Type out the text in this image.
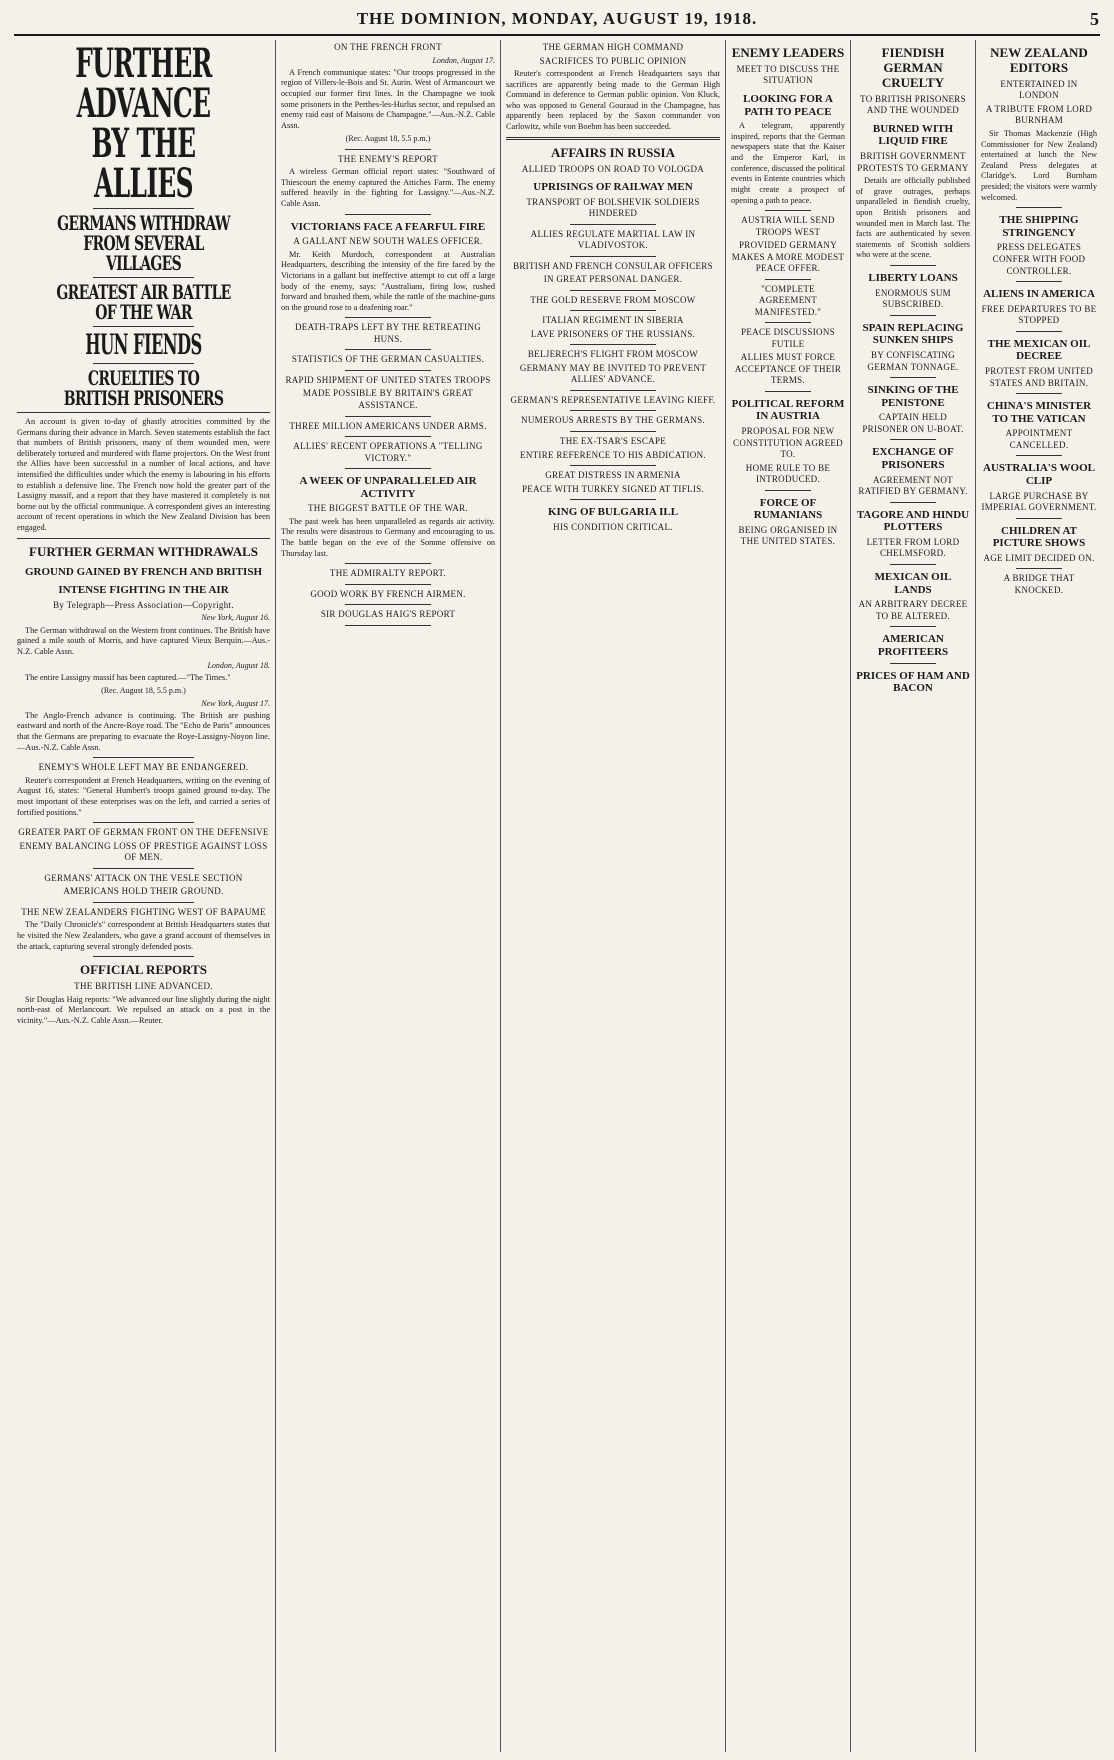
THE DOMINION, MONDAY, AUGUST 19, 1918.	5
FURTHER ADVANCE BY THE ALLIES
GERMANS WITHDRAW FROM SEVERAL VILLAGES
GREATEST AIR BATTLE OF THE WAR
HUN FIENDS
CRUELTIES TO BRITISH PRISONERS

An account is given to-day of ghastly atrocities committed by the Germans during their advance in March. Seven statements establish the fact that numbers of British prisoners, many of them wounded men, were deliberately tortured and murdered with flame projectors. On the West front the Allies have been successful in a number of local actions, and have intensified the difficulties under which the enemy is labouring in his efforts to establish a defensive line. The French now hold the greater part of the Lassigny massif, and a report that they have mastered it completely is not borne out by the official communique. A correspondent gives an interesting account of recent operations in which the New Zealand Division has been engaged.

FURTHER GERMAN WITHDRAWALS
GROUND GAINED BY FRENCH AND BRITISH
INTENSE FIGHTING IN THE AIR
By Telegraph—Press Association—Copyright.
New York, August 16.

The German withdrawal on the Western front continues. The British have gained a mile south of Morris, and have captured Vieux Berquin.—Aus.-N.Z. Cable Assn.

London, August 18.

The entire Lassigny massif has been captured.—"The Times."

(Rec. August 18, 5.5 p.m.)
New York, August 17.

The Anglo-French advance is continuing. The British are pushing eastward and north of the Ancre-Roye road. The "Echo de Paris" announces that the Germans are preparing to evacuate the Roye-Lassigny-Noyon line.—Aus.-N.Z. Cable Assn.

ENEMY'S WHOLE LEFT MAY BE ENDANGERED.

Reuter's correspondent at French Headquarters, writing on the evening of August 16, states: "General Humbert's troops gained ground to-day. The most important of these enterprises was on the left, and carried a series of fortified positions."

GREATER PART OF GERMAN FRONT ON THE DEFENSIVE
ENEMY BALANCING LOSS OF PRESTIGE AGAINST LOSS OF MEN.
GERMANS' ATTACK ON THE VESLE SECTION
AMERICANS HOLD THEIR GROUND.
THE NEW ZEALANDERS FIGHTING WEST OF BAPAUME

The "Daily Chronicle's" correspondent at British Headquarters states that he visited the New Zealanders, who gave a grand account of themselves in the attack, capturing several strongly defended posts.

OFFICIAL REPORTS
THE BRITISH LINE ADVANCED.

Sir Douglas Haig reports: "We advanced our line slightly during the night north-east of Merlancourt. We repulsed an attack on a post in the vicinity."—Aus.-N.Z. Cable Assn.—Reuter.

ON THE FRENCH FRONT
London, August 17.

A French communique states: "Our troops progressed in the region of Villers-le-Bois and St. Aurin. West of Armancourt we occupied our former first lines. In the Champagne we took some prisoners in the Perthes-les-Hurlus sector, and repulsed an enemy raid east of Maisons de Champagne."—Aus.-N.Z. Cable Assn.

(Rec. August 18, 5.5 p.m.)
THE ENEMY'S REPORT

A wireless German official report states: "Southward of Thiescourt the enemy captured the Attiches Farm. The enemy suffered heavily in the fighting for Lassigny."—Aus.-N.Z. Cable Assn.

VICTORIANS FACE A FEARFUL FIRE
A GALLANT NEW SOUTH WALES OFFICER.

Mr. Keith Murdoch, correspondent at Australian Headquarters, describing the intensity of the fire faced by the Victorians in a gallant but ineffective attempt to cut off a large body of the enemy, says: "Australians, firing low, rushed forward and brushed them, while the rattle of the machine-guns on the ground rose to a deafening roar."

DEATH-TRAPS LEFT BY THE RETREATING HUNS.
STATISTICS OF THE GERMAN CASUALTIES.
RAPID SHIPMENT OF UNITED STATES TROOPS
MADE POSSIBLE BY BRITAIN'S GREAT ASSISTANCE.
THREE MILLION AMERICANS UNDER ARMS.
ALLIES' RECENT OPERATIONS A "TELLING VICTORY."
A WEEK OF UNPARALLELED AIR ACTIVITY
THE BIGGEST BATTLE OF THE WAR.

The past week has been unparalleled as regards air activity. The results were disastrous to Germany and encouraging to us. The battle began on the eve of the Somme offensive on Thursday last.

THE ADMIRALTY REPORT.
GOOD WORK BY FRENCH AIRMEN.
SIR DOUGLAS HAIG'S REPORT
THE GERMAN HIGH COMMAND
SACRIFICES TO PUBLIC OPINION

Reuter's correspondent at French Headquarters says that sacrifices are apparently being made to the German High Command in deference to German public opinion. Von Kluck, who was opposed to General Gouraud in the Champagne, has apparently been replaced by the Saxon commander von Carlowitz, while von Boehm has been succeeded.

AFFAIRS IN RUSSIA
ALLIED TROOPS ON ROAD TO VOLOGDA
UPRISINGS OF RAILWAY MEN
TRANSPORT OF BOLSHEVIK SOLDIERS HINDERED
ALLIES REGULATE MARTIAL LAW IN VLADIVOSTOK.
BRITISH AND FRENCH CONSULAR OFFICERS
IN GREAT PERSONAL DANGER.
THE GOLD RESERVE FROM MOSCOW
ITALIAN REGIMENT IN SIBERIA
LAVE PRISONERS OF THE RUSSIANS.
BELJERECH'S FLIGHT FROM MOSCOW
GERMANY MAY BE INVITED TO PREVENT ALLIES' ADVANCE.
GERMAN'S REPRESENTATIVE LEAVING KIEFF.
NUMEROUS ARRESTS BY THE GERMANS.
THE EX-TSAR'S ESCAPE
ENTIRE REFERENCE TO HIS ABDICATION.
GREAT DISTRESS IN ARMENIA
PEACE WITH TURKEY SIGNED AT TIFLIS.
KING OF BULGARIA ILL
HIS CONDITION CRITICAL.
ENEMY LEADERS
MEET TO DISCUSS THE SITUATION
LOOKING FOR A PATH TO PEACE

A telegram, apparently inspired, reports that the German newspapers state that the Kaiser and the Emperor Karl, in conference, discussed the political events in Entente countries which might create a prospect of opening a path to peace.

AUSTRIA WILL SEND TROOPS WEST
PROVIDED GERMANY MAKES A MORE MODEST PEACE OFFER.
"COMPLETE AGREEMENT MANIFESTED."
PEACE DISCUSSIONS FUTILE
ALLIES MUST FORCE ACCEPTANCE OF THEIR TERMS.
POLITICAL REFORM IN AUSTRIA
PROPOSAL FOR NEW CONSTITUTION AGREED TO.
HOME RULE TO BE INTRODUCED.
FORCE OF RUMANIANS
BEING ORGANISED IN THE UNITED STATES.
FIENDISH GERMAN CRUELTY
TO BRITISH PRISONERS AND THE WOUNDED
BURNED WITH LIQUID FIRE
BRITISH GOVERNMENT PROTESTS TO GERMANY

Details are officially published of grave outrages, perhaps unparalleled in fiendish cruelty, upon British prisoners and wounded men in March last. The facts are authenticated by seven statements of Scottish soldiers who were at the scene.

LIBERTY LOANS
ENORMOUS SUM SUBSCRIBED.
SPAIN REPLACING SUNKEN SHIPS
BY CONFISCATING GERMAN TONNAGE.
SINKING OF THE PENISTONE
CAPTAIN HELD PRISONER ON U-BOAT.
EXCHANGE OF PRISONERS
AGREEMENT NOT RATIFIED BY GERMANY.
TAGORE AND HINDU PLOTTERS
LETTER FROM LORD CHELMSFORD.
MEXICAN OIL LANDS
AN ARBITRARY DECREE TO BE ALTERED.
AMERICAN PROFITEERS
PRICES OF HAM AND BACON
NEW ZEALAND EDITORS
ENTERTAINED IN LONDON
A TRIBUTE FROM LORD BURNHAM

Sir Thomas Mackenzie (High Commissioner for New Zealand) entertained at lunch the New Zealand Press delegates at Claridge's. Lord Burnham presided; the visitors were warmly welcomed.

THE SHIPPING STRINGENCY
PRESS DELEGATES CONFER WITH FOOD CONTROLLER.
ALIENS IN AMERICA
FREE DEPARTURES TO BE STOPPED
THE MEXICAN OIL DECREE
PROTEST FROM UNITED STATES AND BRITAIN.
CHINA'S MINISTER TO THE VATICAN
APPOINTMENT CANCELLED.
AUSTRALIA'S WOOL CLIP
LARGE PURCHASE BY IMPERIAL GOVERNMENT.
CHILDREN AT PICTURE SHOWS
AGE LIMIT DECIDED ON.
A BRIDGE THAT KNOCKED.
